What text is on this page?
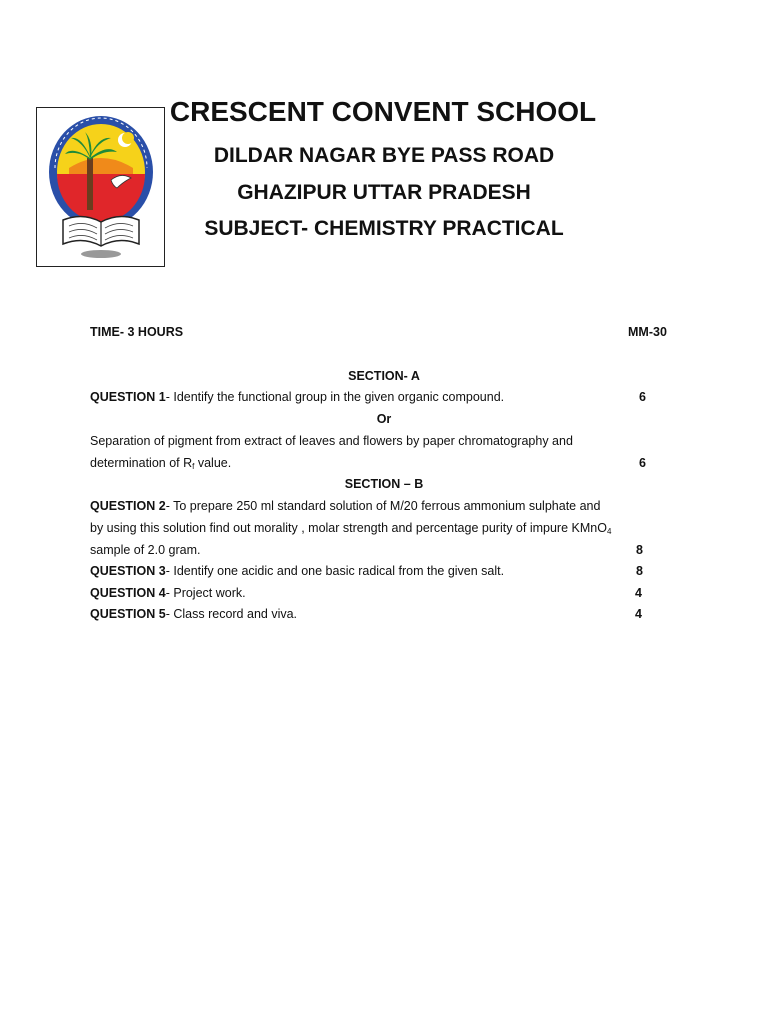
CRESCENT CONVENT SCHOOL
DILDAR NAGAR BYE PASS ROAD
GHAZIPUR UTTAR PRADESH
SUBJECT- CHEMISTRY PRACTICAL
TIME- 3 HOURS	MM-30
SECTION- A
QUESTION 1- Identify the functional group in the given organic compound.	6
Or
Separation of pigment from extract of leaves and flowers by paper chromatography and
determination of $R_f$ value.	6
SECTION – B
QUESTION 2- To prepare 250 ml standard solution of M/20 ferrous ammonium sulphate and
by using this solution find out morality , molar strength and percentage purity of impure KMnO$_4$
sample of 2.0 gram.	8
QUESTION 3- Identify one acidic and one basic radical from the given salt.	8
QUESTION 4- Project work.	4
QUESTION 5- Class record and viva.	4
